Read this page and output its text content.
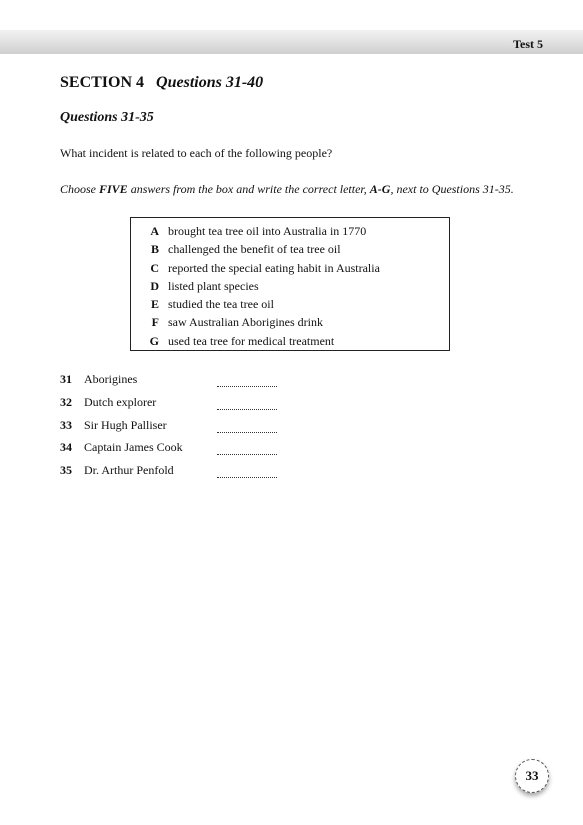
Test 5
SECTION 4 Questions 31-40
Questions 31-35
What incident is related to each of the following people?
Choose FIVE answers from the box and write the correct letter, A-G, next to Questions 31-35.
A brought tea tree oil into Australia in 1770
B challenged the benefit of tea tree oil
C reported the special eating habit in Australia
D listed plant species
E studied the tea tree oil
F saw Australian Aborigines drink
G used tea tree for medical treatment
31	Aborigines
32	Dutch explorer
33	Sir Hugh Palliser
34	Captain James Cook
35	Dr. Arthur Penfold
33
